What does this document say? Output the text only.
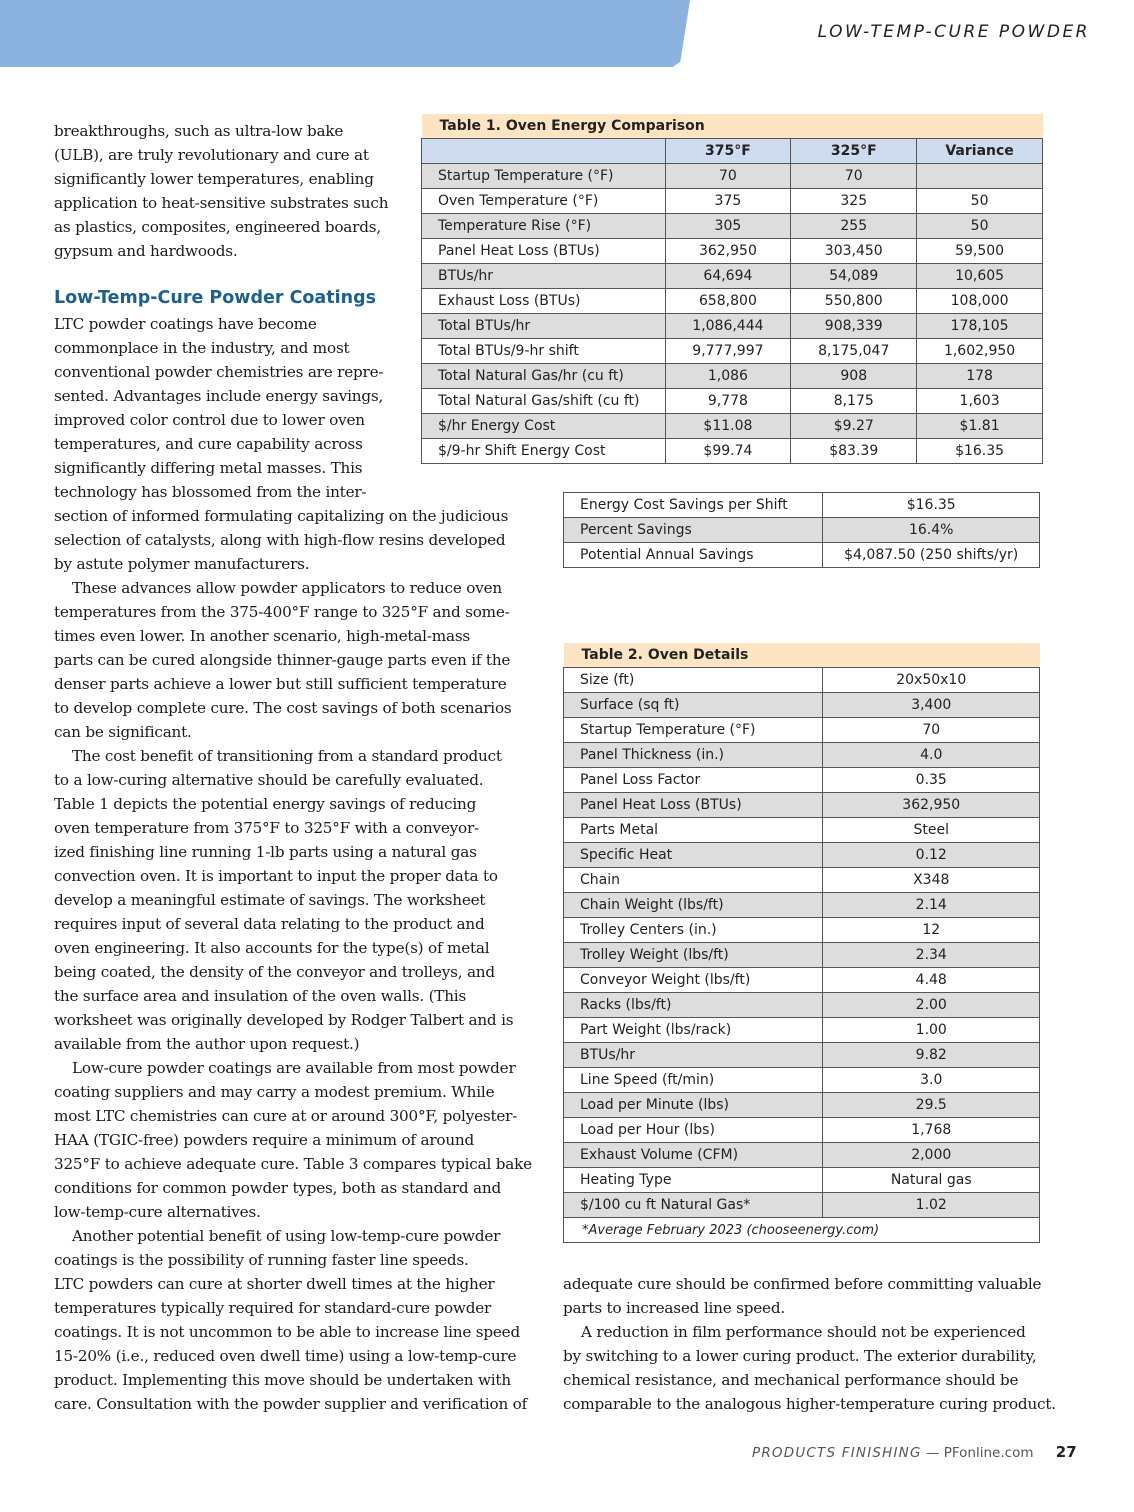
LOW-TEMP-CURE POWDER
breakthroughs, such as ultra-low bake
(ULB), are truly revolutionary and cure at
significantly lower temperatures, enabling
application to heat-sensitive substrates such
as plastics, composites, engineered boards,
gypsum and hardwoods.
Low-Temp-Cure Powder Coatings
LTC powder coatings have become
commonplace in the industry, and most
conventional powder chemistries are repre-
sented. Advantages include energy savings,
improved color control due to lower oven
temperatures, and cure capability across
significantly differing metal masses. This
technology has blossomed from the inter-
section of informed formulating capitalizing on the judicious
selection of catalysts, along with high-flow resins developed
by astute polymer manufacturers.
These advances allow powder applicators to reduce oven
temperatures from the 375-400°F range to 325°F and some-
times even lower. In another scenario, high-metal-mass
parts can be cured alongside thinner-gauge parts even if the
denser parts achieve a lower but still sufficient temperature
to develop complete cure. The cost savings of both scenarios
can be significant.
The cost benefit of transitioning from a standard product
to a low-curing alternative should be carefully evaluated.
Table 1 depicts the potential energy savings of reducing
oven temperature from 375°F to 325°F with a conveyor-
ized finishing line running 1-lb parts using a natural gas
convection oven. It is important to input the proper data to
develop a meaningful estimate of savings. The worksheet
requires input of several data relating to the product and
oven engineering. It also accounts for the type(s) of metal
being coated, the density of the conveyor and trolleys, and
the surface area and insulation of the oven walls. (This
worksheet was originally developed by Rodger Talbert and is
available from the author upon request.)
Low-cure powder coatings are available from most powder
coating suppliers and may carry a modest premium. While
most LTC chemistries can cure at or around 300°F, polyester-
HAA (TGIC-free) powders require a minimum of around
325°F to achieve adequate cure. Table 3 compares typical bake
conditions for common powder types, both as standard and
low-temp-cure alternatives.
Another potential benefit of using low-temp-cure powder
coatings is the possibility of running faster line speeds.
LTC powders can cure at shorter dwell times at the higher
temperatures typically required for standard-cure powder
coatings. It is not uncommon to be able to increase line speed
15-20% (i.e., reduced oven dwell time) using a low-temp-cure
product. Implementing this move should be undertaken with
care. Consultation with the powder supplier and verification of
adequate cure should be confirmed before committing valuable
parts to increased line speed.
A reduction in film performance should not be experienced
by switching to a lower curing product. The exterior durability,
chemical resistance, and mechanical performance should be
comparable to the analogous higher-temperature curing product.
Table 1. Oven Energy Comparison			
	375°F	325°F	Variance
Startup Temperature (°F)	70	70	
Oven Temperature (°F)	375	325	50
Temperature Rise (°F)	305	255	50
Panel Heat Loss (BTUs)	362,950	303,450	59,500
BTUs/hr	64,694	54,089	10,605
Exhaust Loss (BTUs)	658,800	550,800	108,000
Total BTUs/hr	1,086,444	908,339	178,105
Total BTUs/9-hr shift	9,777,997	8,175,047	1,602,950
Total Natural Gas/hr (cu ft)	1,086	908	178
Total Natural Gas/shift (cu ft)	9,778	8,175	1,603
$/hr Energy Cost	$11.08	$9.27	$1.81
$/9-hr Shift Energy Cost	$99.74	$83.39	$16.35
Energy Cost Savings per Shift	$16.35
Percent Savings	16.4%
Potential Annual Savings	$4,087.50 (250 shifts/yr)
Table 2. Oven Details	
Size (ft)	20x50x10
Surface (sq ft)	3,400
Startup Temperature (°F)	70
Panel Thickness (in.)	4.0
Panel Loss Factor	0.35
Panel Heat Loss (BTUs)	362,950
Parts Metal	Steel
Specific Heat	0.12
Chain	X348
Chain Weight (lbs/ft)	2.14
Trolley Centers (in.)	12
Trolley Weight (lbs/ft)	2.34
Conveyor Weight (lbs/ft)	4.48
Racks (lbs/ft)	2.00
Part Weight (lbs/rack)	1.00
BTUs/hr	9.82
Line Speed (ft/min)	3.0
Load per Minute (lbs)	29.5
Load per Hour (lbs)	1,768
Exhaust Volume (CFM)	2,000
Heating Type	Natural gas
$/100 cu ft Natural Gas*	1.02
*Average February 2023 (chooseenergy.com)	
PRODUCTS FINISHING — PFonline.com 27
